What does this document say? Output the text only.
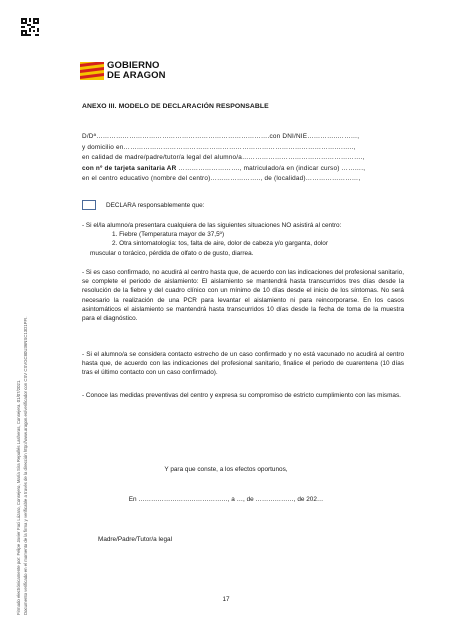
GOBIERNO
DE ARAGON
Firmado electrónicamente por: Felipe Javier Faci Lázaro, Consejero, María Sira Repollés Lasheras, Consejera. 01/07/2021. Documento verificado en el momento de la firma y verificable a través de la dirección http://www.aragon.es/verificador con CSV CSVGC80U36NSC13D1PFI.
ANEXO III. MODELO DE DECLARACIÓN RESPONSABLE
D/Dª…………………………………………………………………….con DNI/NIE…………..………,
y domicilio en……………………………………………………………………………………….…..,
en calidad de madre/padre/tutor/a legal del alumno/a……………………………………………….,
con nº de tarjeta sanitaria AR ………………………., matriculado/a en (indicar curso) ……….,
en el centro educativo (nombre del centro)………………….., de (localidad)……………………,
DECLARA responsablemente que:
- Si el/la alumno/a presentara cualquiera de las siguientes situaciones NO asistirá al centro:
1. Fiebre (Temperatura mayor de 37,5º)
2. Otra sintomatología: tos, falta de aire, dolor de cabeza y/o garganta, dolor
muscular o torácico, pérdida de olfato o de gusto, diarrea.
- Si es caso confirmado, no acudirá al centro hasta que, de acuerdo con las indicaciones del profesional sanitario, se complete el periodo de aislamiento: El aislamiento se mantendrá hasta transcurridos tres días desde la resolución de la fiebre y del cuadro clínico con un mínimo de 10 días desde el inicio de los síntomas. No será necesario la realización de una PCR para levantar el aislamiento ni para reincorporarse. En los casos asintomáticos el aislamiento se mantendrá hasta transcurridos 10 días desde la fecha de toma de la muestra para el diagnóstico.
- Si el alumno/a se considera contacto estrecho de un caso confirmado y no está vacunado no acudirá al centro hasta que, de acuerdo con las indicaciones del profesional sanitario, finalice el periodo de cuarentena (10 días tras el último contacto con un caso confirmado).
- Conoce las medidas preventivas del centro y expresa su compromiso de estricto cumplimiento con las mismas.
Y para que conste, a los efectos oportunos,
En ……………………………………, a …, de ………………, de 202…
Madre/Padre/Tutor/a legal
17
